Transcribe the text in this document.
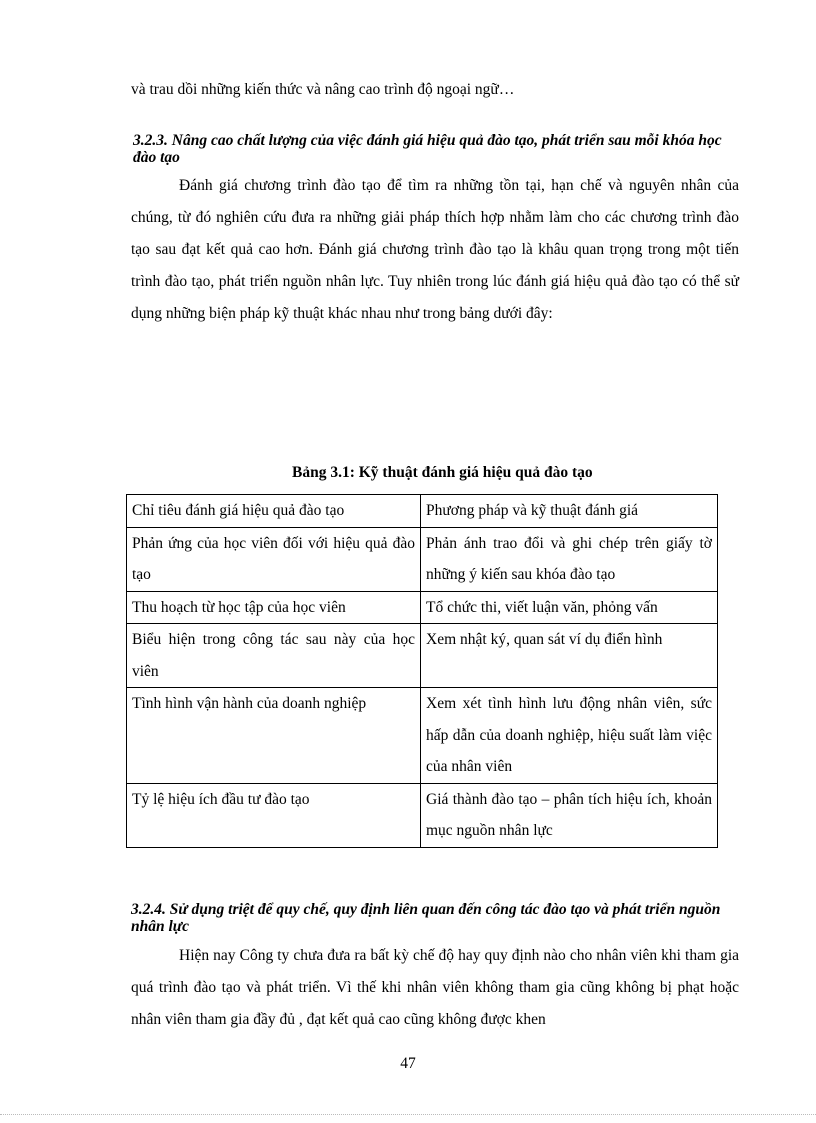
và trau dồi những kiến thức và nâng cao trình độ ngoại ngữ…
3.2.3. Nâng cao chất lượng của việc đánh giá hiệu quả đào tạo, phát triển sau mỗi khóa học đào tạo
Đánh giá chương trình đào tạo để tìm ra những tồn tại, hạn chế và nguyên nhân của chúng, từ đó nghiên cứu đưa ra những giải pháp thích hợp nhằm làm cho các chương trình đào tạo sau đạt kết quả cao hơn. Đánh giá chương trình đào tạo là khâu quan trọng trong một tiến trình đào tạo, phát triển nguồn nhân lực. Tuy nhiên trong lúc đánh giá hiệu quả đào tạo có thể sử dụng những biện pháp kỹ thuật khác nhau như trong bảng dưới đây:
Bảng 3.1: Kỹ thuật đánh giá hiệu quả đào tạo
Chỉ tiêu đánh giá hiệu quả đào tạo	Phương pháp và kỹ thuật đánh giá
Phản ứng của học viên đối với hiệu quả đào tạo	Phản ánh trao đổi và ghi chép trên giấy tờ những ý kiến sau khóa đào tạo
Thu hoạch từ học tập của học viên	Tổ chức thi, viết luận văn, phỏng vấn
Biểu hiện trong công tác sau này của học viên	Xem nhật ký, quan sát ví dụ điển hình
Tình hình vận hành của doanh nghiệp	Xem xét tình hình lưu động nhân viên, sức hấp dẫn của doanh nghiệp, hiệu suất làm việc của nhân viên
Tỷ lệ hiệu ích đầu tư đào tạo	Giá thành đào tạo – phân tích hiệu ích, khoản mục nguồn nhân lực
3.2.4. Sử dụng triệt để quy chế, quy định liên quan đến công tác đào tạo và phát triển nguồn nhân lực
Hiện nay Công ty chưa đưa ra bất kỳ chế độ hay quy định nào cho nhân viên khi tham gia quá trình đào tạo và phát triển. Vì thế khi nhân viên không tham gia cũng không bị phạt hoặc nhân viên tham gia đầy đủ , đạt kết quả cao cũng không được khen
47
